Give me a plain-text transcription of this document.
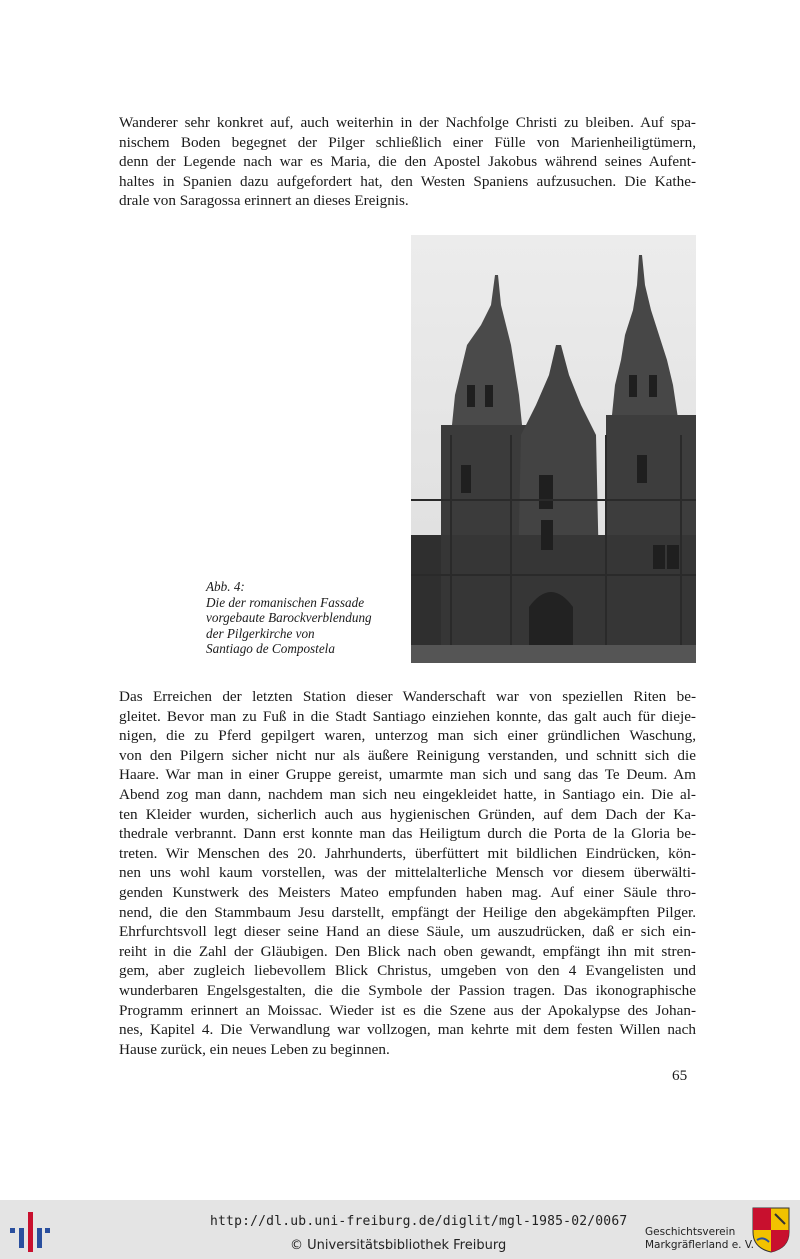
Wanderer sehr konkret auf, auch weiterhin in der Nachfolge Christi zu bleiben. Auf spa-
nischem Boden begegnet der Pilger schließlich einer Fülle von Marienheiligtümern,
denn der Legende nach war es Maria, die den Apostel Jakobus während seines Aufent-
haltes in Spanien dazu aufgefordert hat, den Westen Spaniens aufzusuchen. Die Kathe-
drale von Saragossa erinnert an dieses Ereignis.
Abb. 4:
Die der romanischen Fassade
vorgebaute Barockverblendung
der Pilgerkirche von
Santiago de Compostela
Das Erreichen der letzten Station dieser Wanderschaft war von speziellen Riten be-
gleitet. Bevor man zu Fuß in die Stadt Santiago einziehen konnte, das galt auch für dieje-
nigen, die zu Pferd gepilgert waren, unterzog man sich einer gründlichen Waschung,
von den Pilgern sicher nicht nur als äußere Reinigung verstanden, und schnitt sich die
Haare. War man in einer Gruppe gereist, umarmte man sich und sang das Te Deum. Am
Abend zog man dann, nachdem man sich neu eingekleidet hatte, in Santiago ein. Die al-
ten Kleider wurden, sicherlich auch aus hygienischen Gründen, auf dem Dach der Ka-
thedrale verbrannt. Dann erst konnte man das Heiligtum durch die Porta de la Gloria be-
treten. Wir Menschen des 20. Jahrhunderts, überfüttert mit bildlichen Eindrücken, kön-
nen uns wohl kaum vorstellen, was der mittelalterliche Mensch vor diesem überwälti-
genden Kunstwerk des Meisters Mateo empfunden haben mag. Auf einer Säule thro-
nend, die den Stammbaum Jesu darstellt, empfängt der Heilige den abgekämpften Pilger.
Ehrfurchtsvoll legt dieser seine Hand an diese Säule, um auszudrücken, daß er sich ein-
reiht in die Zahl der Gläubigen. Den Blick nach oben gewandt, empfängt ihn mit stren-
gem, aber zugleich liebevollem Blick Christus, umgeben von den 4 Evangelisten und
wunderbaren Engelsgestalten, die die Symbole der Passion tragen. Das ikonographische
Programm erinnert an Moissac. Wieder ist es die Szene aus der Apokalypse des Johan-
nes, Kapitel 4. Die Verwandlung war vollzogen, man kehrte mit dem festen Willen nach
Hause zurück, ein neues Leben zu beginnen.
65
http://dl.ub.uni-freiburg.de/diglit/mgl-1985-02/0067
© Universitätsbibliothek Freiburg
Geschichtsverein
Markgräflerland e. V.
